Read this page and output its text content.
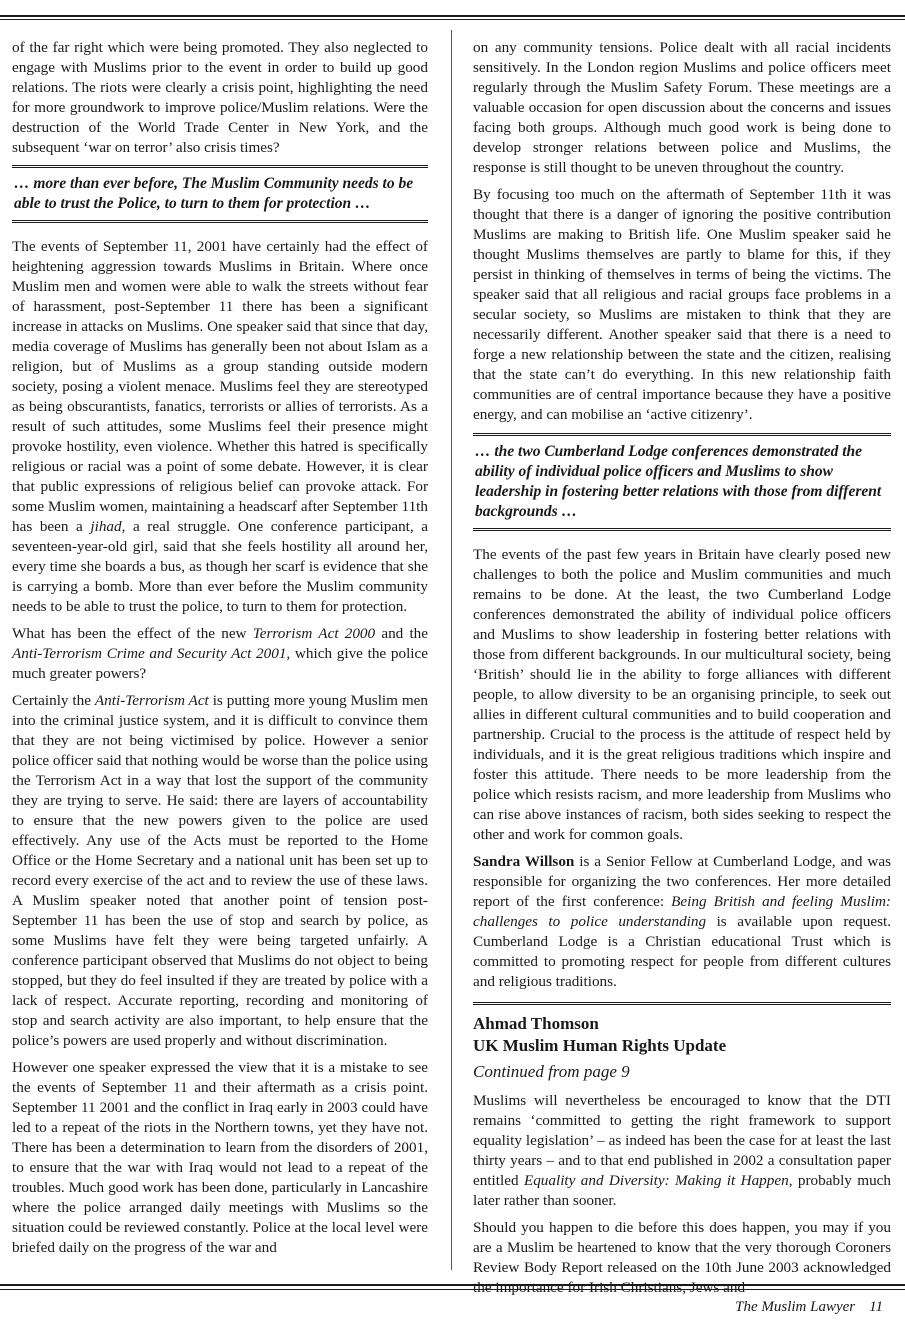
of the far right which were being promoted. They also neglected to engage with Muslims prior to the event in order to build up good relations. The riots were clearly a crisis point, highlighting the need for more groundwork to improve police/Muslim relations. Were the destruction of the World Trade Center in New York, and the subsequent ‘war on terror’ also crisis times?

… more than ever before, The Muslim Community needs to be able to trust the Police, to turn to them for protection …

The events of September 11, 2001 have certainly had the effect of heightening aggression towards Muslims in Britain. Where once Muslim men and women were able to walk the streets without fear of harassment, post-September 11 there has been a significant increase in attacks on Muslims. One speaker said that since that day, media coverage of Muslims has generally been not about Islam as a religion, but of Muslims as a group standing outside modern society, posing a violent menace. Muslims feel they are stereotyped as being obscurantists, fanatics, terrorists or allies of terrorists. As a result of such attitudes, some Muslims feel their presence might provoke hostility, even violence. Whether this hatred is specifically religious or racial was a point of some debate. However, it is clear that public expressions of religious belief can provoke attack. For some Muslim women, maintaining a headscarf after September 11th has been a jihad, a real struggle. One conference participant, a seventeen-year-old girl, said that she feels hostility all around her, every time she boards a bus, as though her scarf is evidence that she is carrying a bomb. More than ever before the Muslim community needs to be able to trust the police, to turn to them for protection.

What has been the effect of the new Terrorism Act 2000 and the Anti-Terrorism Crime and Security Act 2001, which give the police much greater powers?

Certainly the Anti-Terrorism Act is putting more young Muslim men into the criminal justice system, and it is difficult to convince them that they are not being victimised by police. However a senior police officer said that nothing would be worse than the police using the Terrorism Act in a way that lost the support of the community they are trying to serve. He said: there are layers of accountability to ensure that the new powers given to the police are used effectively. Any use of the Acts must be reported to the Home Office or the Home Secretary and a national unit has been set up to record every exercise of the act and to review the use of these laws. A Muslim speaker noted that another point of tension post-September 11 has been the use of stop and search by police, as some Muslims have felt they were being targeted unfairly. A conference participant observed that Muslims do not object to being stopped, but they do feel insulted if they are treated by police with a lack of respect. Accurate reporting, recording and monitoring of stop and search activity are also important, to help ensure that the police’s powers are used properly and without discrimination.

However one speaker expressed the view that it is a mistake to see the events of September 11 and their aftermath as a crisis point. September 11 2001 and the conflict in Iraq early in 2003 could have led to a repeat of the riots in the Northern towns, yet they have not. There has been a determination to learn from the disorders of 2001, to ensure that the war with Iraq would not lead to a repeat of the troubles. Much good work has been done, particularly in Lancashire where the police arranged daily meetings with Muslims so the situation could be reviewed constantly. Police at the local level were briefed daily on the progress of the war and

on any community tensions. Police dealt with all racial incidents sensitively. In the London region Muslims and police officers meet regularly through the Muslim Safety Forum. These meetings are a valuable occasion for open discussion about the concerns and issues facing both groups. Although much good work is being done to develop stronger relations between police and Muslims, the response is still thought to be uneven throughout the country.

By focusing too much on the aftermath of September 11th it was thought that there is a danger of ignoring the positive contribution Muslims are making to British life. One Muslim speaker said he thought Muslims themselves are partly to blame for this, if they persist in thinking of themselves in terms of being the victims. The speaker said that all religious and racial groups face problems in a secular society, so Muslims are mistaken to think that they are necessarily different. Another speaker said that there is a need to forge a new relationship between the state and the citizen, realising that the state can’t do everything. In this new relationship faith communities are of central importance because they have a positive energy, and can mobilise an ‘active citizenry’.

… the two Cumberland Lodge conferences demonstrated the ability of individual police officers and Muslims to show leadership in fostering better relations with those from different backgrounds …

The events of the past few years in Britain have clearly posed new challenges to both the police and Muslim communities and much remains to be done. At the least, the two Cumberland Lodge conferences demonstrated the ability of individual police officers and Muslims to show leadership in fostering better relations with those from different backgrounds. In our multicultural society, being ‘British’ should lie in the ability to forge alliances with different people, to allow diversity to be an organising principle, to seek out allies in different cultural communities and to build cooperation and partnership. Crucial to the process is the attitude of respect held by individuals, and it is the great religious traditions which inspire and foster this attitude. There needs to be more leadership from the police which resists racism, and more leadership from Muslims who can rise above instances of racism, both sides seeking to respect the other and work for common goals.

Sandra Willson is a Senior Fellow at Cumberland Lodge, and was responsible for organizing the two conferences. Her more detailed report of the first conference: Being British and feeling Muslim: challenges to police understanding is available upon request. Cumberland Lodge is a Christian educational Trust which is committed to promoting respect for people from different cultures and religious traditions.

Ahmad Thomson
UK Muslim Human Rights Update
Continued from page 9

Muslims will nevertheless be encouraged to know that the DTI remains ‘committed to getting the right framework to support equality legislation’ – as indeed has been the case for at least the last thirty years – and to that end published in 2002 a consultation paper entitled Equality and Diversity: Making it Happen, probably much later rather than sooner.

Should you happen to die before this does happen, you may if you are a Muslim be heartened to know that the very thorough Coroners Review Body Report released on the 10th June 2003 acknowledged the importance for Irish Christians, Jews and

The Muslim Lawyer 11
